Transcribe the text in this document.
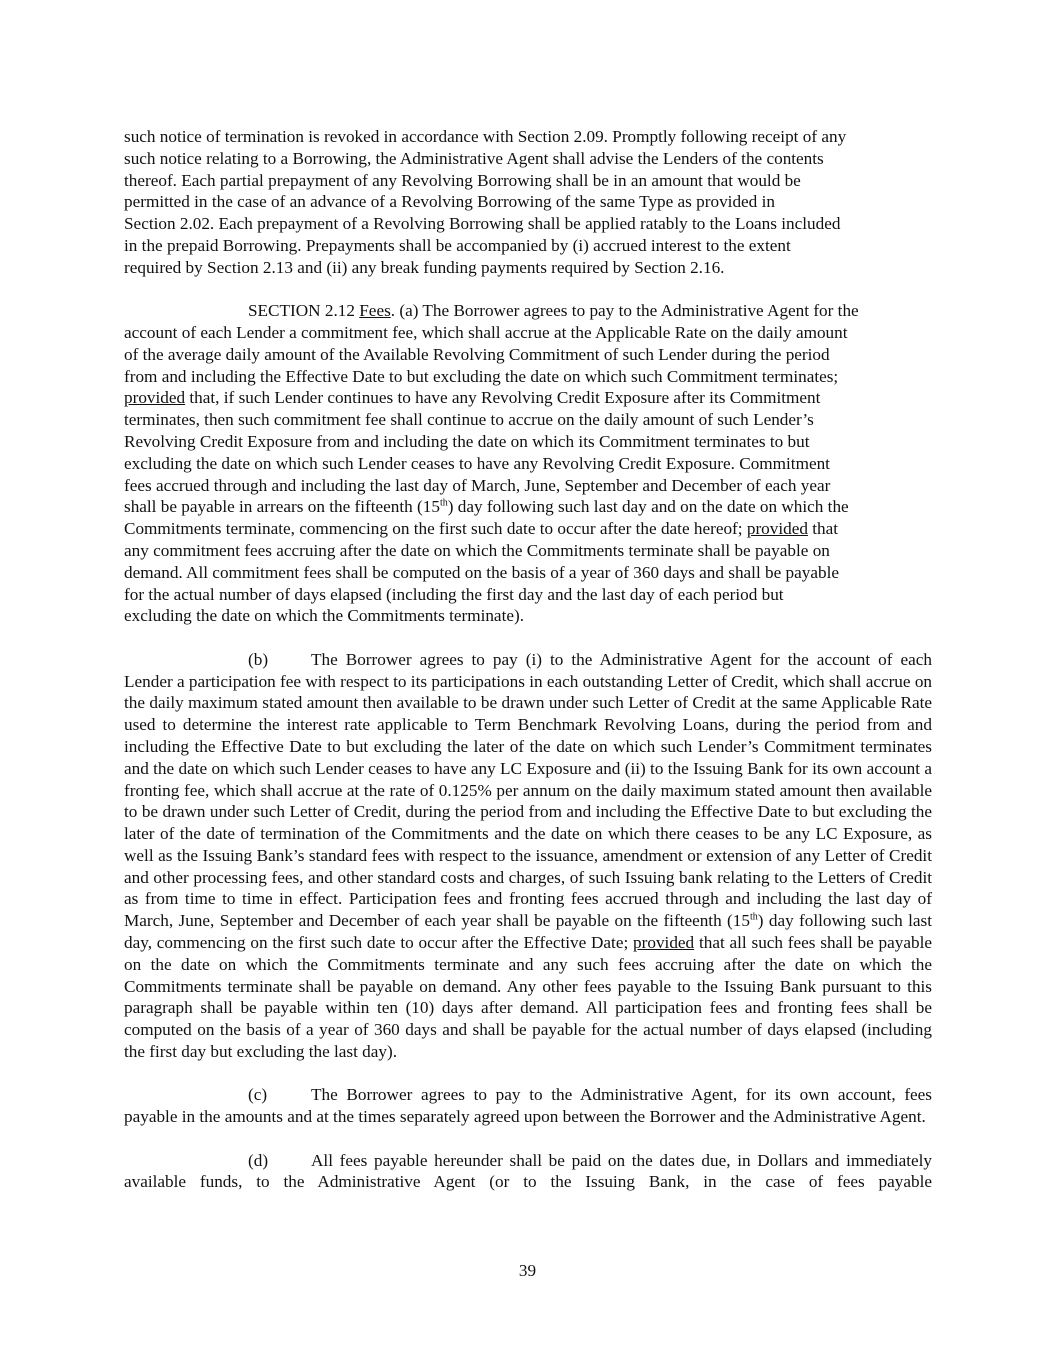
such notice of termination is revoked in accordance with Section 2.09. Promptly following receipt of any
such notice relating to a Borrowing, the Administrative Agent shall advise the Lenders of the contents
thereof. Each partial prepayment of any Revolving Borrowing shall be in an amount that would be
permitted in the case of an advance of a Revolving Borrowing of the same Type as provided in
Section 2.02. Each prepayment of a Revolving Borrowing shall be applied ratably to the Loans included
in the prepaid Borrowing. Prepayments shall be accompanied by (i) accrued interest to the extent
required by Section 2.13 and (ii) any break funding payments required by Section 2.16.
SECTION 2.12 Fees. (a) The Borrower agrees to pay to the Administrative Agent for the
account of each Lender a commitment fee, which shall accrue at the Applicable Rate on the daily amount
of the average daily amount of the Available Revolving Commitment of such Lender during the period
from and including the Effective Date to but excluding the date on which such Commitment terminates;
provided that, if such Lender continues to have any Revolving Credit Exposure after its Commitment
terminates, then such commitment fee shall continue to accrue on the daily amount of such Lender’s
Revolving Credit Exposure from and including the date on which its Commitment terminates to but
excluding the date on which such Lender ceases to have any Revolving Credit Exposure. Commitment
fees accrued through and including the last day of March, June, September and December of each year
shall be payable in arrears on the fifteenth (15th) day following such last day and on the date on which the
Commitments terminate, commencing on the first such date to occur after the date hereof; provided that
any commitment fees accruing after the date on which the Commitments terminate shall be payable on
demand. All commitment fees shall be computed on the basis of a year of 360 days and shall be payable
for the actual number of days elapsed (including the first day and the last day of each period but
excluding the date on which the Commitments terminate).
(b) The Borrower agrees to pay (i) to the Administrative Agent for the account of each Lender a participation fee with respect to its participations in each outstanding Letter of Credit, which shall accrue on the daily maximum stated amount then available to be drawn under such Letter of Credit at the same Applicable Rate used to determine the interest rate applicable to Term Benchmark Revolving Loans, during the period from and including the Effective Date to but excluding the later of the date on which such Lender’s Commitment terminates and the date on which such Lender ceases to have any LC Exposure and (ii) to the Issuing Bank for its own account a fronting fee, which shall accrue at the rate of 0.125% per annum on the daily maximum stated amount then available to be drawn under such Letter of Credit, during the period from and including the Effective Date to but excluding the later of the date of termination of the Commitments and the date on which there ceases to be any LC Exposure, as well as the Issuing Bank’s standard fees with respect to the issuance, amendment or extension of any Letter of Credit and other processing fees, and other standard costs and charges, of such Issuing bank relating to the Letters of Credit as from time to time in effect. Participation fees and fronting fees accrued through and including the last day of March, June, September and December of each year shall be payable on the fifteenth (15th) day following such last day, commencing on the first such date to occur after the Effective Date; provided that all such fees shall be payable on the date on which the Commitments terminate and any such fees accruing after the date on which the Commitments terminate shall be payable on demand. Any other fees payable to the Issuing Bank pursuant to this paragraph shall be payable within ten (10) days after demand. All participation fees and fronting fees shall be computed on the basis of a year of 360 days and shall be payable for the actual number of days elapsed (including the first day but excluding the last day).
(c)	The Borrower agrees to pay to the Administrative Agent, for its own account, fees payable in the amounts and at the times separately agreed upon between the Borrower and the Administrative Agent.
(d) All fees payable hereunder shall be paid on the dates due, in Dollars and immediately available funds, to the Administrative Agent (or to the Issuing Bank, in the case of fees payable
39
